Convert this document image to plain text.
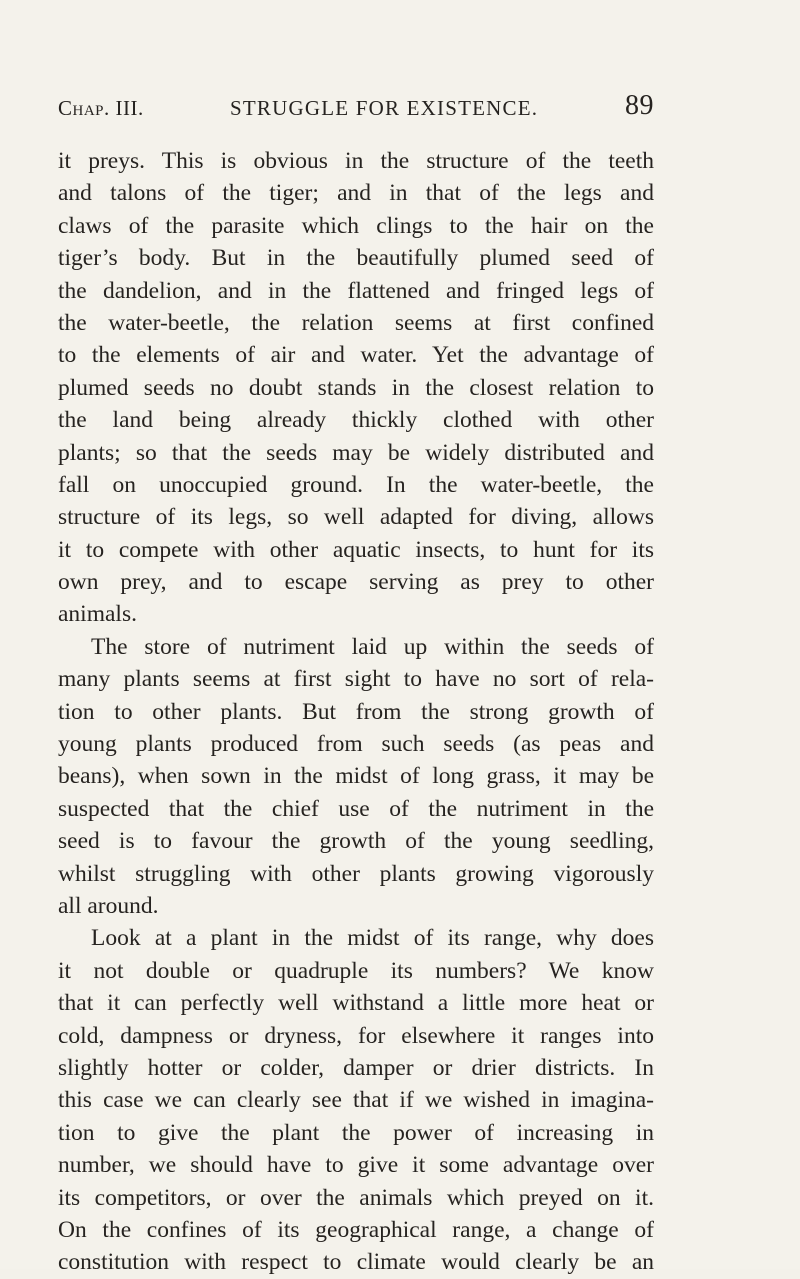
Chap. III.	STRUGGLE FOR EXISTENCE.	89
it preys. This is obvious in the structure of the teeth
and talons of the tiger; and in that of the legs and
claws of the parasite which clings to the hair on the
tiger’s body. But in the beautifully plumed seed of
the dandelion, and in the flattened and fringed legs of
the water-beetle, the relation seems at first confined
to the elements of air and water. Yet the advantage of
plumed seeds no doubt stands in the closest relation to
the land being already thickly clothed with other
plants; so that the seeds may be widely distributed and
fall on unoccupied ground. In the water-beetle, the
structure of its legs, so well adapted for diving, allows
it to compete with other aquatic insects, to hunt for its
own prey, and to escape serving as prey to other
animals.
The store of nutriment laid up within the seeds of
many plants seems at first sight to have no sort of rela-
tion to other plants. But from the strong growth of
young plants produced from such seeds (as peas and
beans), when sown in the midst of long grass, it may be
suspected that the chief use of the nutriment in the
seed is to favour the growth of the young seedling,
whilst struggling with other plants growing vigorously
all around.
Look at a plant in the midst of its range, why does
it not double or quadruple its numbers? We know
that it can perfectly well withstand a little more heat or
cold, dampness or dryness, for elsewhere it ranges into
slightly hotter or colder, damper or drier districts. In
this case we can clearly see that if we wished in imagina-
tion to give the plant the power of increasing in
number, we should have to give it some advantage over
its competitors, or over the animals which preyed on it.
On the confines of its geographical range, a change of
constitution with respect to climate would clearly be an
